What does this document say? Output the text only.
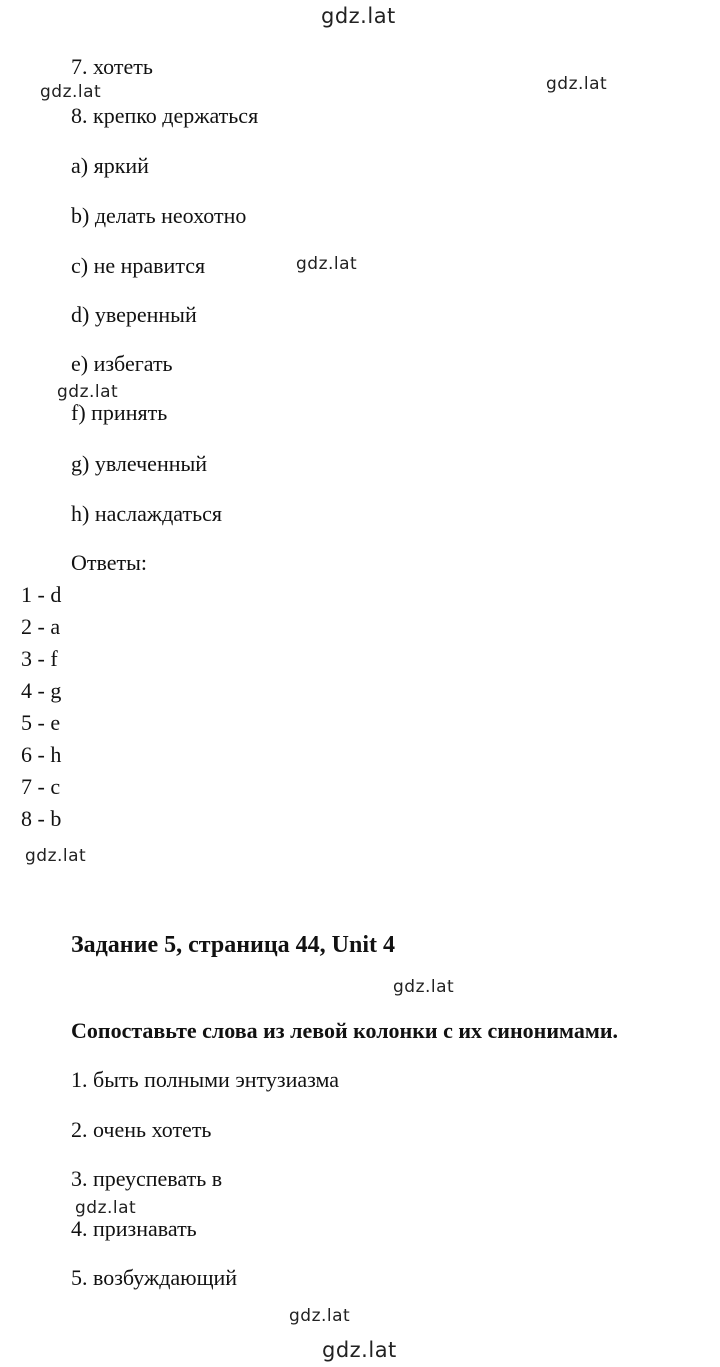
gdz.lat
gdz.lat
gdz.lat
gdz.lat
gdz.lat
gdz.lat
gdz.lat
gdz.lat
gdz.lat
gdz.lat
7. хотеть
8. крепко держаться
a) яркий
b) делать неохотно
c) не нравится
d) уверенный
e) избегать
f) принять
g) увлеченный
h) наслаждаться
Ответы:
1 - d
2 - a
3 - f
4 - g
5 - e
6 - h
7 - c
8 - b
Задание 5, страница 44, Unit 4
Сопоставьте слова из левой колонки с их синонимами.
1. быть полными энтузиазма
2. очень хотеть
3. преуспевать в
4. признавать
5. возбуждающий
